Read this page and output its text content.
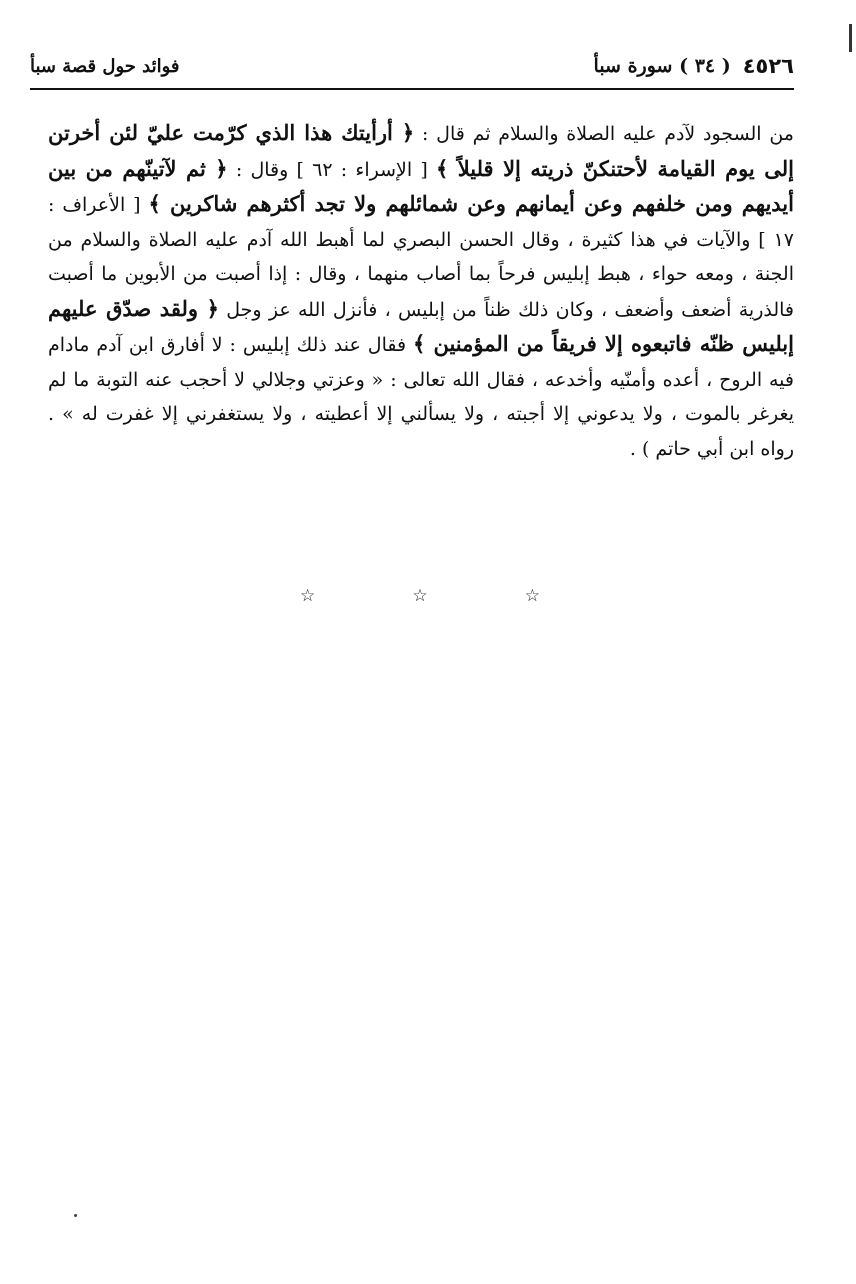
٤٥٢٦
( ٣٤ ) سورة سبأ
فوائد حول قصة سبأ
من السجود لآدم عليه الصلاة والسلام ثم قال : ﴿ أرأيتك هذا الذي كرّمت عليّ لئن أخرتن إلى يوم القيامة لأحتنكنّ ذريته إلا قليلاً ﴾ [ الإسراء : ٦٢ ] وقال : ﴿ ثم لآتينّهم من بين أيديهم ومن خلفهم وعن أيمانهم وعن شمائلهم ولا تجد أكثرهم شاكرين ﴾ [ الأعراف : ١٧ ] والآيات في هذا كثيرة ، وقال الحسن البصري لما أهبط الله آدم عليه الصلاة والسلام من الجنة ، ومعه حواء ، هبط إبليس فرحاً بما أصاب منهما ، وقال : إذا أصبت من الأبوين ما أصبت فالذرية أضعف وأضعف ، وكان ذلك ظناً من إبليس ، فأنزل الله عز وجل ﴿ ولقد صدّق عليهم إبليس ظنّه فاتبعوه إلا فريقاً من المؤمنين ﴾ فقال عند ذلك إبليس : لا أفارق ابن آدم مادام فيه الروح ، أعده وأمنّيه وأخدعه ، فقال الله تعالى : « وعزتي وجلالي لا أحجب عنه التوبة ما لم يغرغر بالموت ، ولا يدعوني إلا أجبته ، ولا يسألني إلا أعطيته ، ولا يستغفرني إلا غفرت له » . رواه ابن أبي حاتم ) .
☆	☆	☆
